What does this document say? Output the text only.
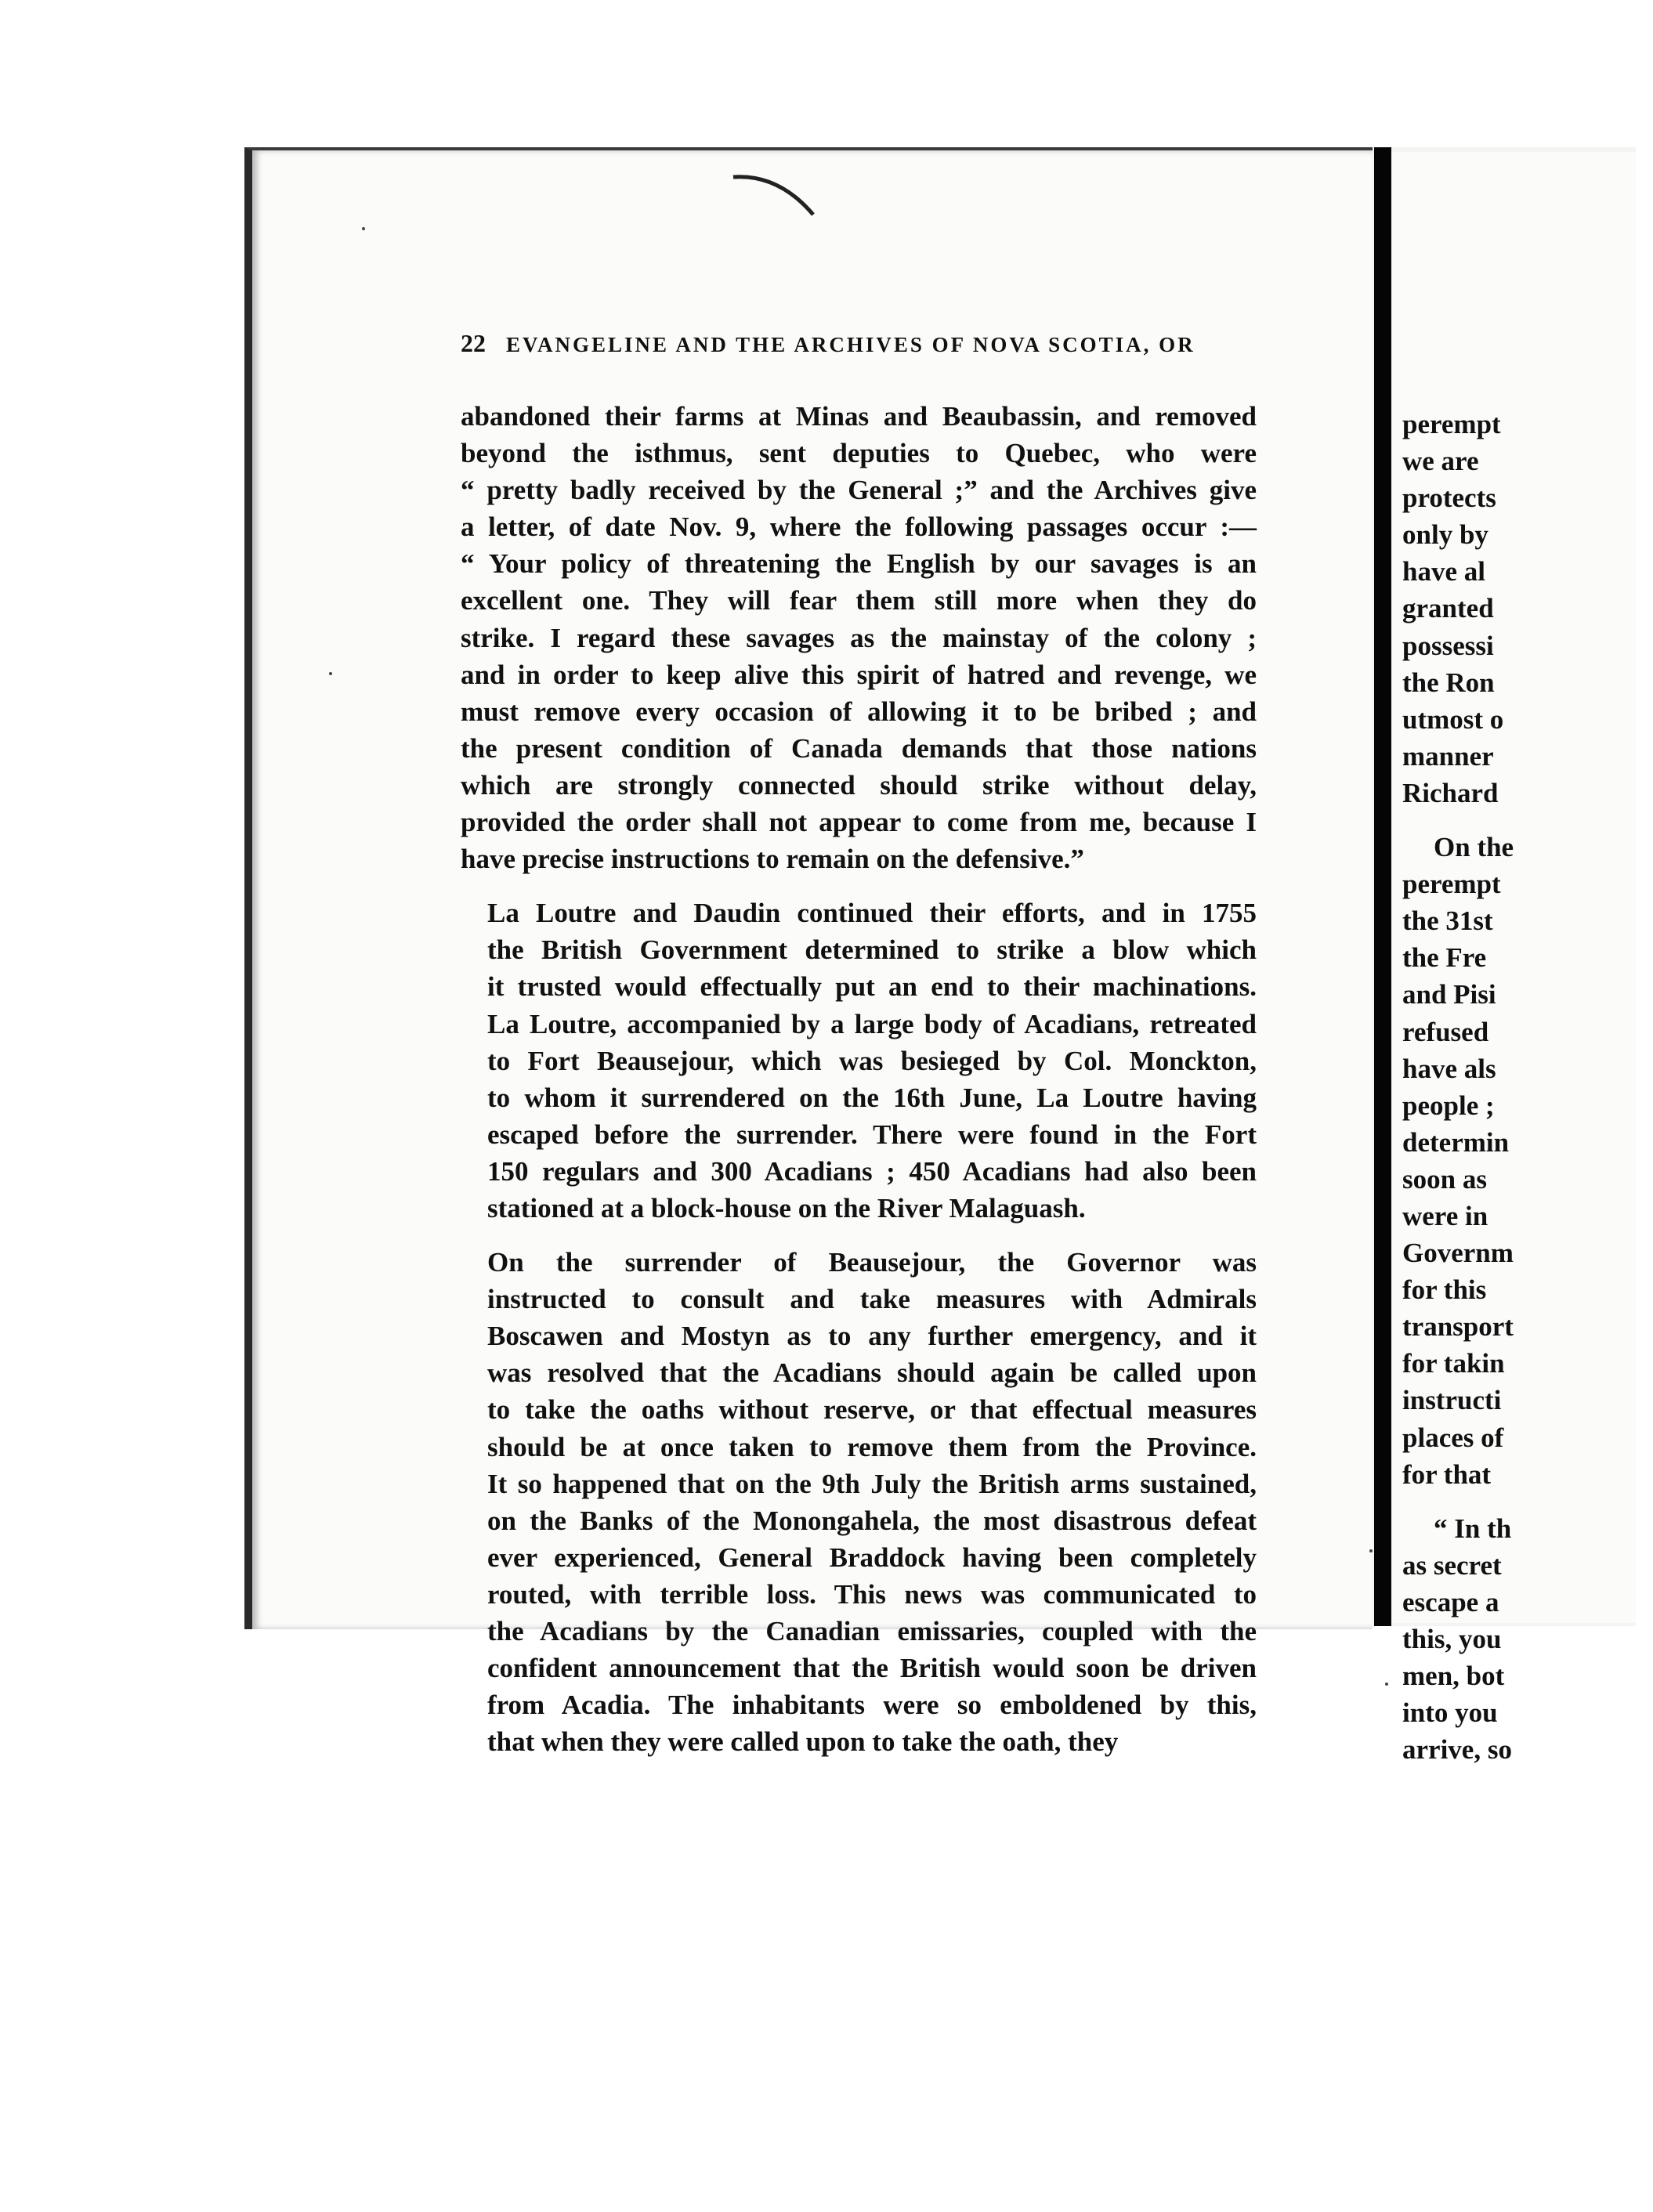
22 EVANGELINE AND THE ARCHIVES OF NOVA SCOTIA, OR

abandoned their farms at Minas and Beaubassin, and removed
beyond the isthmus, sent deputies to Quebec, who were
“ pretty badly received by the General ;” and the Archives give
a letter, of date Nov. 9, where the following passages occur :—
“ Your policy of threatening the English by our savages is an
excellent one. They will fear them still more when they do
strike. I regard these savages as the mainstay of the colony ;
and in order to keep alive this spirit of hatred and revenge, we
must remove every occasion of allowing it to be bribed ; and
the present condition of Canada demands that those nations
which are strongly connected should strike without delay,
provided the order shall not appear to come from me, because I
have precise instructions to remain on the defensive.”

La Loutre and Daudin continued their efforts, and in 1755
the British Government determined to strike a blow which
it trusted would effectually put an end to their machinations.
La Loutre, accompanied by a large body of Acadians, retreated
to Fort Beausejour, which was besieged by Col. Monckton,
to whom it surrendered on the 16th June, La Loutre having
escaped before the surrender. There were found in the Fort
150 regulars and 300 Acadians ; 450 Acadians had also been
stationed at a block-house on the River Malaguash.

On the surrender of Beausejour, the Governor was
instructed to consult and take measures with Admirals
Boscawen and Mostyn as to any further emergency, and it
was resolved that the Acadians should again be called upon
to take the oaths without reserve, or that effectual measures
should be at once taken to remove them from the Province.
It so happened that on the 9th July the British arms sustained,
on the Banks of the Monongahela, the most disastrous defeat
ever experienced, General Braddock having been completely
routed, with terrible loss. This news was communicated to
the Acadians by the Canadian emissaries, coupled with the
confident announcement that the British would soon be driven
from Acadia. The inhabitants were so emboldened by this,
that when they were called upon to take the oath, they

perempt
we are
protects
only by
have al
granted
possessi
the Ron
utmost o
manner
Richard
On the
perempt
the 31st
the Fre
and Pisi
refused
have als
people ;
determin
soon as
were in
Governm
for this
transport
for takin
instructi
places of
for that
“ In th
as secret
escape a
this, you
men, bot
into you
arrive, so
